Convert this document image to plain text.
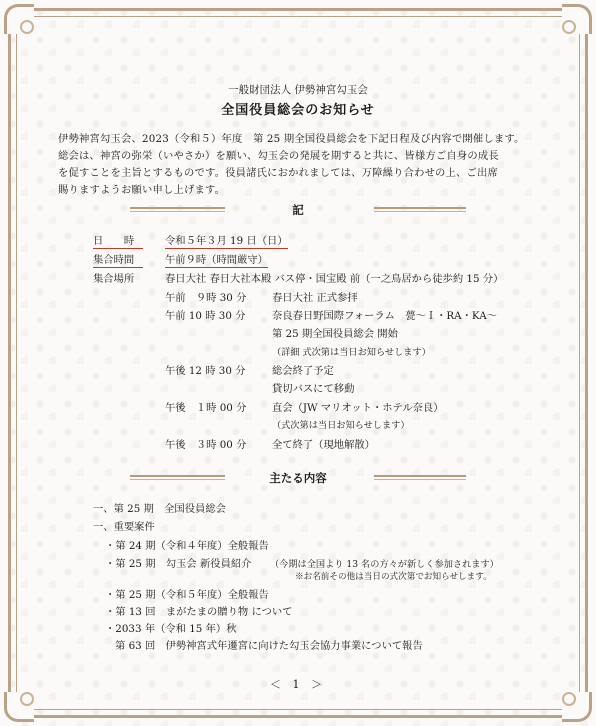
一般財団法人 伊勢神宮勾玉会
全国役員総会のお知らせ
伊勢神宮勾玉会、2023（令和５）年度　第 25 期全国役員総会を下記日程及び内容で開催します。
総会は、神宮の弥栄（いやさか）を願い、勾玉会の発展を期すると共に、皆様方ご自身の成長
を促すことを主旨とするものです。役員諸氏におかれましては、万障繰り合わせの上、ご出席
賜りますようお願い申し上げます。
記
日　　時	令和５年３月 19 日（日）
集合時間	午前９時（時間厳守）
集合場所	春日大社 春日大社本殿 バス停・国宝殿 前（一之鳥居から徒歩約 15 分）
午前　９時 30 分 春日大社 正式参拝
午前 10 時 30 分	奈良春日野国際フォーラム　甍～Ｉ・RA・KA～
第 25 期全国役員総会 開始
（詳細 式次第は当日お知らせします）
午後 12 時 30 分	総会終了予定
貸切バスにて移動
午後　１時 00 分 直会（JW マリオット・ホテル奈良）
（式次第は当日お知らせします）
午後　３時 00 分 全て終了（現地解散）
主たる内容
一、第 25 期　全国役員総会
一、重要案件
・第 24 期（令和４年度）全般報告
・第 25 期　勾玉会 新役員紹介 （今期は全国より 13 名の方々が新しく参加されます）
※お名前その他は当日の式次第でお知らせします。
・第 25 期（令和５年度）全般報告
・第 13 回　まがたまの贈り物 について
・2033 年（令和 15 年）秋
第 63 回　伊勢神宮式年遷宮に向けた勾玉会協力事業について報告
＜ 1 ＞
